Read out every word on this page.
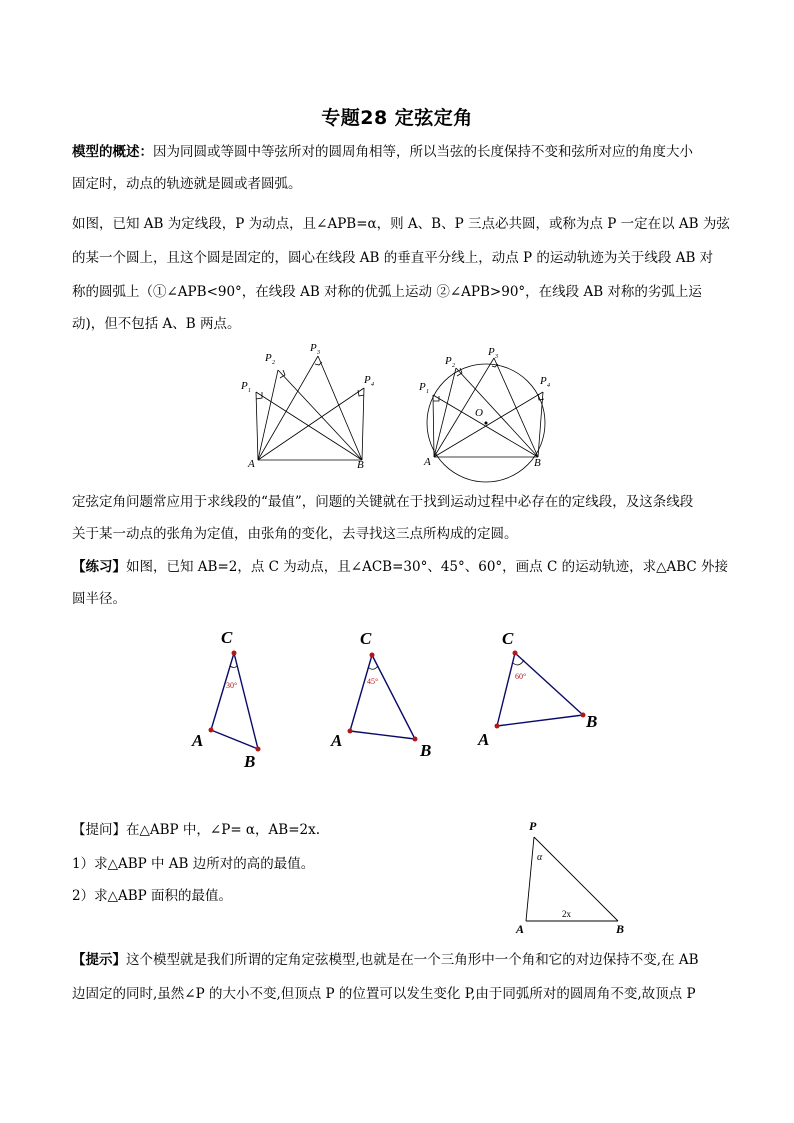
专题28 定弦定角
模型的概述：因为同圆或等圆中等弦所对的圆周角相等，所以当弦的长度保持不变和弦所对应的角度大小
固定时，动点的轨迹就是圆或者圆弧。
如图，已知 AB 为定线段，P 为动点，且∠APB=α，则 A、B、P 三点必共圆，或称为点 P 一定在以 AB 为弦
的某一个圆上，且这个圆是固定的，圆心在线段 AB 的垂直平分线上，动点 P 的运动轨迹为关于线段 AB 对
称的圆弧上（①∠APB<90°，在线段 AB 对称的优弧上运动 ②∠APB>90°，在线段 AB 对称的劣弧上运
动)，但不包括 A、B 两点。
A	B
P 1
P 2
P 3
P 4
O
A	B
P 1
P 2
P 3
P 4
定弦定角问题常应用于求线段的“最值”，问题的关键就在于找到运动过程中必存在的定线段，及这条线段
关于某一动点的张角为定值，由张角的变化，去寻找这三点所构成的定圆。
【练习】如图，已知 AB=2，点 C 为动点，且∠ACB=30°、45°、60°，画点 C 的运动轨迹，求△ABC 外接
圆半径。
C
A
B
30°
C
A
B
45°
C
A
B
60°
【提问】在△ABP 中，∠P= α，AB=2x.
1）求△ABP 中 AB 边所对的高的最值。
2）求△ABP 面积的最值。
P
A	B
α
2x
【提示】这个模型就是我们所谓的定角定弦模型,也就是在一个三角形中一个角和它的对边保持不变,在 AB
边固定的同时,虽然∠P 的大小不变,但顶点 P 的位置可以发生变化 P,由于同弧所对的圆周角不变,故顶点 P
